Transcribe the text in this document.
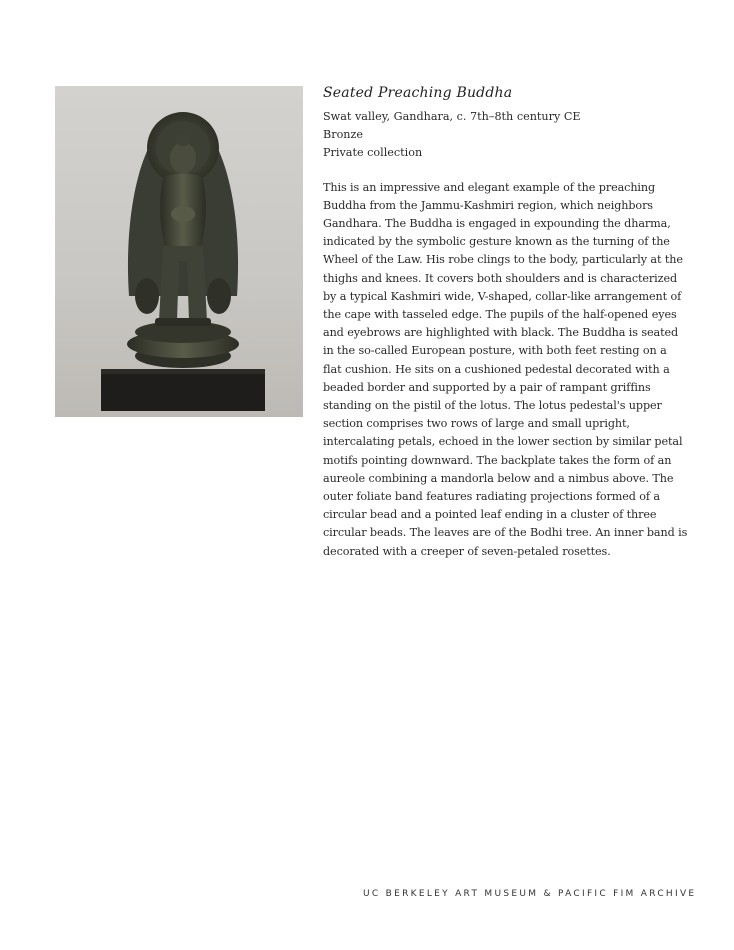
Seated Preaching Buddha

Swat valley, Gandhara, c. 7th–8th century CE

Bronze

Private collection

This is an impressive and elegant example of the preaching Buddha from the Jammu-Kashmiri region, which neighbors Gandhara. The Buddha is engaged in expounding the dharma, indicated by the symbolic gesture known as the turning of the Wheel of the Law. His robe clings to the body, particularly at the thighs and knees. It covers both shoulders and is characterized by a typical Kashmiri wide, V-shaped, collar-like arrangement of the cape with tasseled edge. The pupils of the half-opened eyes and eyebrows are highlighted with black. The Buddha is seated in the so-called European posture, with both feet resting on a flat cushion. He sits on a cushioned pedestal decorated with a beaded border and supported by a pair of rampant griffins standing on the pistil of the lotus. The lotus pedestal's upper section comprises two rows of large and small upright, intercalating petals, echoed in the lower section by similar petal motifs pointing downward. The backplate takes the form of an aureole combining a mandorla below and a nimbus above. The outer foliate band features radiating projections formed of a circular bead and a pointed leaf ending in a cluster of three circular beads. The leaves are of the Bodhi tree. An inner band is decorated with a creeper of seven-petaled rosettes.

UC BERKELEY ART MUSEUM & PACIFIC FIM ARCHIVE
